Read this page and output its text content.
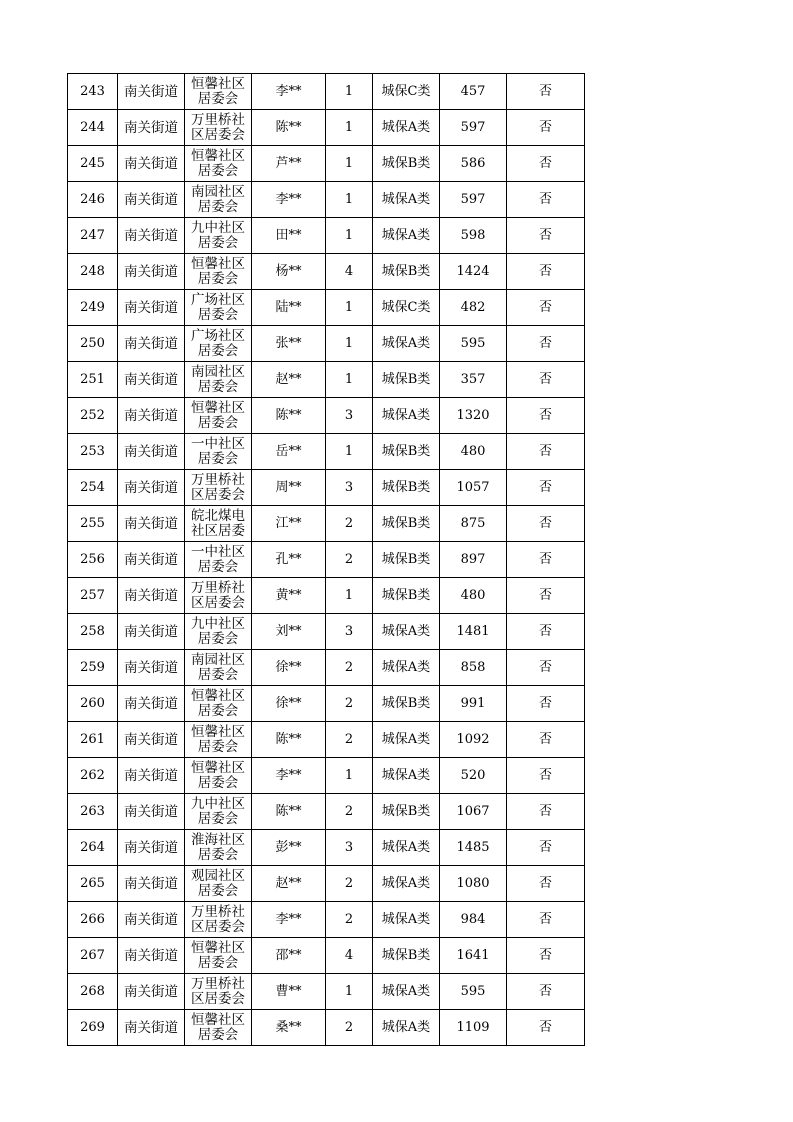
243	南关街道	恒馨社区居委会	李**	1	城保C类	457	否
244	南关街道	万里桥社区居委会	陈**	1	城保A类	597	否
245	南关街道	恒馨社区居委会	芦**	1	城保B类	586	否
246	南关街道	南园社区居委会	李**	1	城保A类	597	否
247	南关街道	九中社区居委会	田**	1	城保A类	598	否
248	南关街道	恒馨社区居委会	杨**	4	城保B类	1424	否
249	南关街道	广场社区居委会	陆**	1	城保C类	482	否
250	南关街道	广场社区居委会	张**	1	城保A类	595	否
251	南关街道	南园社区居委会	赵**	1	城保B类	357	否
252	南关街道	恒馨社区居委会	陈**	3	城保A类	1320	否
253	南关街道	一中社区居委会	岳**	1	城保B类	480	否
254	南关街道	万里桥社区居委会	周**	3	城保B类	1057	否
255	南关街道	皖北煤电社区居委	江**	2	城保B类	875	否
256	南关街道	一中社区居委会	孔**	2	城保B类	897	否
257	南关街道	万里桥社区居委会	黄**	1	城保B类	480	否
258	南关街道	九中社区居委会	刘**	3	城保A类	1481	否
259	南关街道	南园社区居委会	徐**	2	城保A类	858	否
260	南关街道	恒馨社区居委会	徐**	2	城保B类	991	否
261	南关街道	恒馨社区居委会	陈**	2	城保A类	1092	否
262	南关街道	恒馨社区居委会	李**	1	城保A类	520	否
263	南关街道	九中社区居委会	陈**	2	城保B类	1067	否
264	南关街道	淮海社区居委会	彭**	3	城保A类	1485	否
265	南关街道	观园社区居委会	赵**	2	城保A类	1080	否
266	南关街道	万里桥社区居委会	李**	2	城保A类	984	否
267	南关街道	恒馨社区居委会	邵**	4	城保B类	1641	否
268	南关街道	万里桥社区居委会	曹**	1	城保A类	595	否
269	南关街道	恒馨社区居委会	桑**	2	城保A类	1109	否
